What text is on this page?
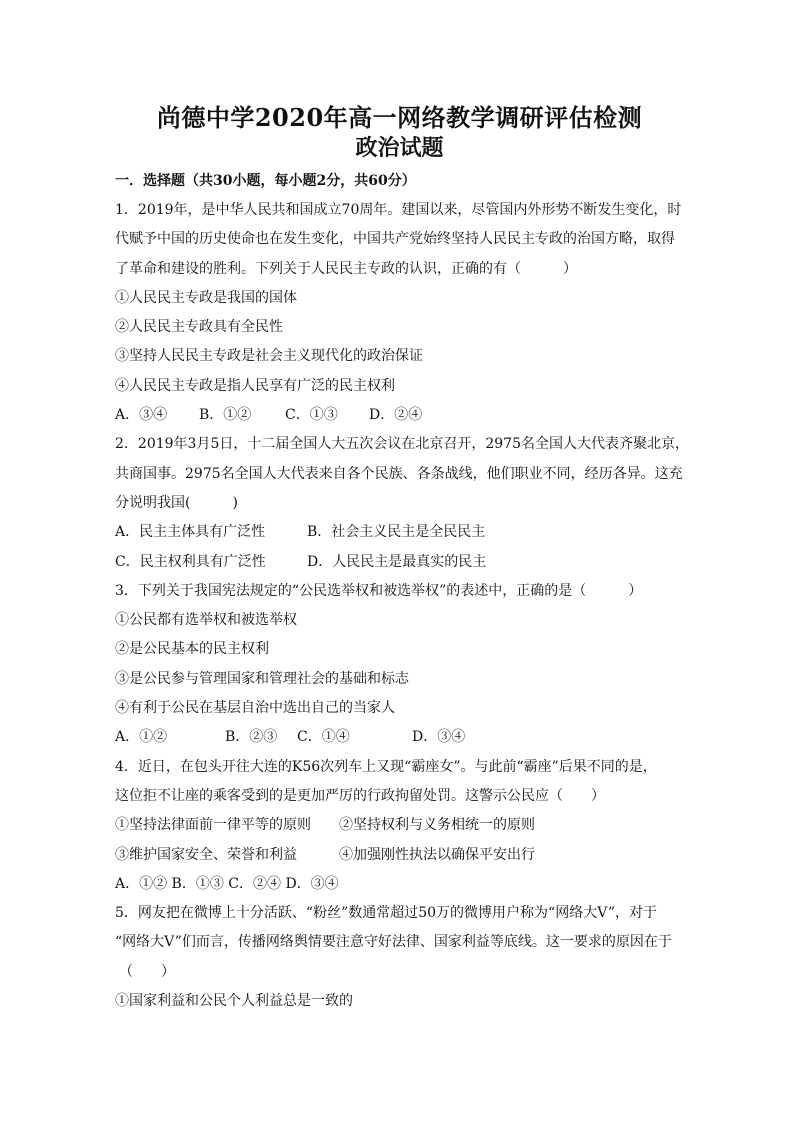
尚德中学2020年高一网络教学调研评估检测
政治试题
一．选择题（共30小题，每小题2分，共60分）

1．2019年，是中华人民共和国成立70周年。建国以来，尽管国内外形势不断发生变化，时

代赋予中国的历史使命也在发生变化，中国共产党始终坚持人民民主专政的治国方略，取得

了革命和建设的胜利。下列关于人民民主专政的认识，正确的有（　　　）

①人民民主专政是我国的国体

②人民民主专政具有全民性

③坚持人民民主专政是社会主义现代化的政治保证

④人民民主专政是指人民享有广泛的民主权利

A．③④ B．①② C．①③ D．②④

2．2019年3月5日，十二届全国人大五次会议在北京召开，2975名全国人大代表齐聚北京，

共商国事。2975名全国人大代表来自各个民族、各条战线，他们职业不同，经历各异。这充

分说明我国(　　　)

A．民主主体具有广泛性	B．社会主义民主是全民民主

C．民主权利具有广泛性	D．人民民主是最真实的民主

3．下列关于我国宪法规定的“公民选举权和被选举权”的表述中，正确的是（　　　）

①公民都有选举权和被选举权

②是公民基本的民主权利

③是公民参与管理国家和管理社会的基础和标志

④有利于公民在基层自治中选出自己的当家人

A．①②	B．②③ C．①④	D．③④

4．近日，在包头开往大连的K56次列车上又现“霸座女”。与此前“霸座”后果不同的是，

这位拒不让座的乘客受到的是更加严厉的行政拘留处罚。这警示公民应（　　）

①坚持法律面前一律平等的原则　　②坚持权利与义务相统一的原则

③维护国家安全、荣誉和利益　　　④加强刚性执法以确保平安出行

A．①② B．①③ C．②④ D．③④

5．网友把在微博上十分活跃、“粉丝”数通常超过50万的微博用户称为“网络大V”，对于

“网络大V”们而言，传播网络舆情要注意守好法律、国家利益等底线。这一要求的原因在于

（　　）

①国家利益和公民个人利益总是一致的
